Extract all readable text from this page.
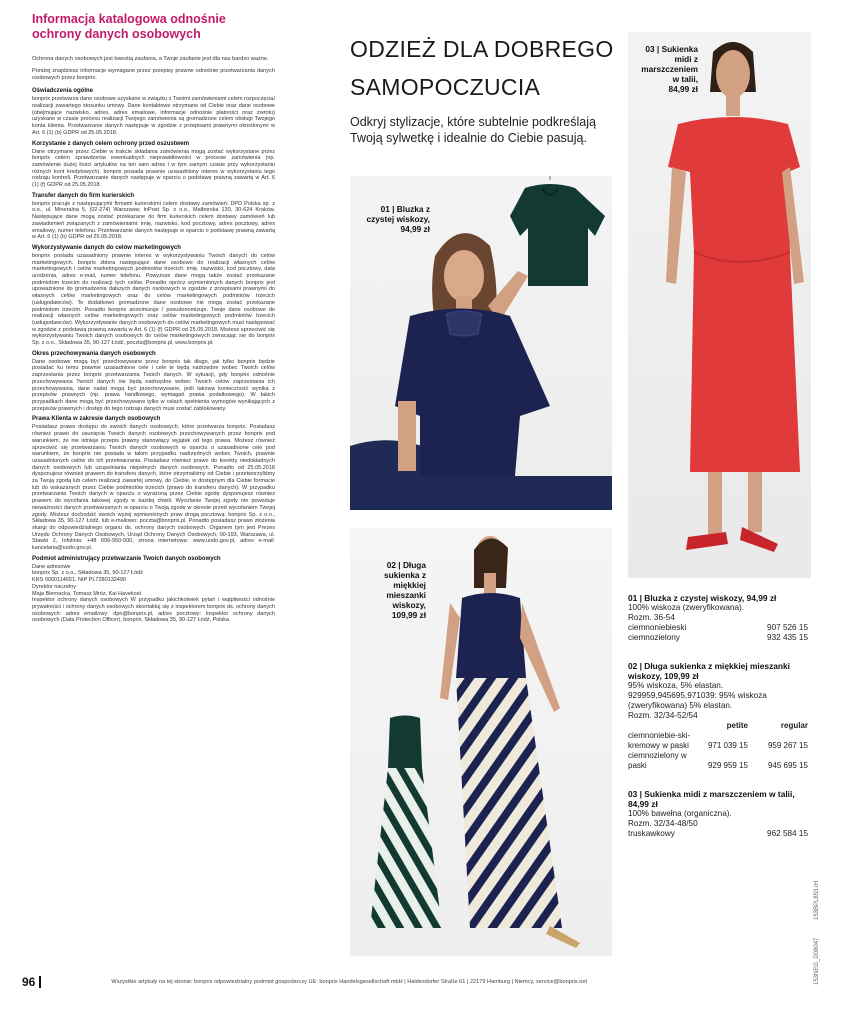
Informacja katalogowa odnośnie ochrony danych osobowych

Ochrona danych osobowych jest kwestią zaufania, a Twoje zaufanie jest dla nas bardzo ważne.

Poniżej znajdziesz informacje wymagane przez przepisy prawne odnośnie przetwarzania danych osobowych przez bonprix.

Oświadczenia ogólne
bonprix przetwarza dane osobowe uzyskane w związku z Twoimi zamówieniami celem rozpoczęcia/ realizacji zawartego stosunku umowy. Dane kontaktowe otrzymane od Ciebie oraz dane osobowe (obejmujące nazwisko, adres, adres emailowe, informacje odnośnie płatności oraz zwrotu) uzyskane w czasie procesu realizacji Twojego zamówienia są gromadzone celem obsługi Twojego konta klienta. Przetwarzanie danych następuje w zgodzie z przepisami prawnymi określonymi w Art. 6 (1) (b) GDPR od 25.05.2018.
Korzystanie z danych celem ochrony przed oszustwem
Dane otrzymane przez Ciebie w trakcie składania zamówienia mogą zostać wykorzystane przez bonprix celem sprawdzenia ewentualnych nieprawidłowości w procesie zamówienia (np. zamówienie dużej ilości artykułów na ten sam adres i w tym samym czasie przy wykorzystaniu różnych kont kredytowych). bonprix posiada prawnie uzasadniony interes w wykorzystaniu tego rodzaju kontroli. Przetwarzanie danych następuje w oparciu o podstawę prawną zawartą w Art. 6 (1) (f) GDPR od 25.05.2018.
Transfer danych do firm kurierskich
bonprix pracuje z następującymi firmami kurierskimi celem dostawy zamówień: DPD Polska sp. z o.o., ul. Mineralna 5, (02-274) Warszawa; InPost Sp. z o.o., Malborska 130, 30-624 Kraków. Następujące dane mogą zostać przekazane do firm kurierskich celem dostawy zamówień lub zawiadomień związanych z zamówieniami: imię, nazwisko, kod pocztowy, adres pocztowy, adres emailowy, numer telefonu. Przetwarzanie danych następuje w oparciu o podstawę prawną zawartą w Art. 6 (1) (b) GDPR od 25.05.2018.
Wykorzystywanie danych do celów marketingowych
bonprix posiada uzasadniony prawnie interes w wykorzystywaniu Twoich danych do celów marketingowych. bonprix zbiera następujące dane osobowe do realizacji własnych celów marketingowych i celów marketingowych podmiotów trzecich: imię, nazwisko, kod pocztowy, data urodzenia, adres e-mail, numer telefonu. Powyższe dane mogą także zostać przekazane podmiotom trzecim do realizacji tych celów. Ponadto oprócz wymienionych danych bonprix jest upoważnione do gromadzenia dalszych danych osobowych w zgodzie z przepisami prawnymi do własnych celów marketingowych oraz do celów marketingowych podmiotów trzecich (usługodawców). Te dodatkowo gromadzone dane osobowe nie mogą zostać przekazane podmiotom trzecim. Ponadto bonprix anonimizuje / pseudonomizuje. Twoje dane osobowe do realizacji własnych celów marketingowych oraz celów marketingowych podmiotów trzecich (usługodawców). Wykorzystywanie danych osobowych do celów marketingowych musi następować w zgodzie z podstawą prawną zawartą w Art. 6 (1) (f) GDPR od 25.05.2018. Możesz sprzeciwić się wykorzystywaniu Twoich danych osobowych do celów marketingowych zwracając się do bonprix Sp. z o.o., Składowa 35, 90-127 Łódź, poczta@bonprix.pl, www.bonprix.pl.
Okres przechowywania danych osobowych
Dane osobowe mogą być przechowywane przez bonprix tak długo, jak tylko bonprix będzie posiadać ku temu prawnie uzasadnione cele i cele te będą nadrzędne wobec Twoich celów zaprzestania przez bonprix przetwarzania Twoich danych. W sytuacji, gdy bonprix odnośnie przechowywania Twoich danych nie będą nadrzędne wobec Twoich celów zaprzestania ich przechowywania, dane nadal mogą być przechowywane, jeśli takowa konieczność wynika z przepisów prawnych (np. prawa handlowego, wymagań prawa podatkowego). W takich przypadkach dane mogą być przechowywane tylko w celach spełnienia wymogów wynikających z przepisów prawnych i dostęp do tego rodzaju danych musi zostać zablokowany.
Prawa Klienta w zakresie danych osobowych
Posiadasz prawo dostępu do swoich danych osobowych, które przetwarza bonprix. Posiadasz również prawo do usunięcia Twoich danych osobowych przechowywanych przez bonprix pod warunkiem, że nie istnieje przepis prawny stanowiący wyjątek od tego prawa. Możesz również sprzeciwić się przetwarzaniu Twoich danych osobowych w oparciu o uzasadnione cele pod warunkiem, że bonprix nie posiada w takim przypadku nadrzędnych wobec Twoich, prawnie uzasadnionych celów do ich przetwarzania. Posiadasz również prawo do korekty niedokładnych danych osobowych lub uzupełniania niepełnych danych osobowych. Ponadto od 25.05.2018 dysponujesz również prawem do transferu danych, które otrzymaliśmy od Ciebie i przetworzyliśmy za Twoją zgodą lub celem realizacji zawartej umowy, do Ciebie, w dostępnym dla Ciebie formacie lub do wskazanych przez Ciebie podmiotów trzecich (prawo do transferu danych). W przypadku przetwarzania Twoich danych w oparciu o wyrażoną przez Ciebie zgodę dysponujesz również prawem do wycofania takowej zgody w każdej chwili. Wycofanie Twojej zgody nie powoduje nieważności danych przetwarzanych w oparciu o Twoją zgodę w okresie przed wycofaniem Twojej zgody. Możesz dochodzić swoich wyżej wymienionych praw drogą pocztową: bonprix Sp. z o.o., Składowa 35, 90-127 Łódź, lub e-mailowo: poczta@bonprix.pl. Ponadto posiadasz prawo złożenia skargi do odpowiedzialnego organu ds. ochrony danych osobowych. Organem tym jest Prezes Urzędu Ochrony Danych Osobowych, Urząd Ochrony Danych Osobowych, 00-193, Warszawa, ul. Stawki 2, Infolinia: +48 606-950-000, strona internetowa: www.uodo.gov.pl, adres e-mail: kancelaria@uodo.gov.pl.
Podmiot administrujący przetwarzanie Twoich danych osobowych
Dane adresowe
bonprix Sp. z o.o., Składowa 35, 90-127 Łódź
KRS 0000114651, NIP PL7280132490
Dyrektor naczelny
Maja Biernacka, Tomasz Mróz, Kai Havekost
Inspektor ochrony danych osobowych W przypadku jakichkolwiek pytań i wątpliwości odnośnie prywatności i ochrony danych osobowych skontaktuj się z inspektorem bonprix ds. ochrony danych osobowych: adres emailowy: dpo@bonprix.pl, adres pocztowy: Inspektor ochrony danych osobowych (Data Protection Officer), bonprix, Składowa 35, 90-127 Łódź, Polska.
ODZIEŻ DLA DOBREGO
SAMOPOCZUCIA

Odkryj stylizacje, które subtelnie podkreślają Twoją sylwetkę i idealnie do Ciebie pasują.

01 | Bluzka z czystej wiskozy,
94,99 zł
02 | Długa sukienka z miękkiej mieszanki wiskozy,
109,99 zł
03 | Sukienka midi z marszczeniem w talii,
84,99 zł
01 | Bluzka z czystej wiskozy, 94,99 zł
100% wiskoza (zweryfikowana).
Rozm. 36-54
ciemnoniebieski	907 526 15
ciemnozielony	932 435 15
02 | Długa sukienka z miękkiej mieszanki wiskozy, 109,99 zł
95% wiskoza, 5% elastan.
929959,945695,971039: 95% wiskoza (zweryfikowana) 5% elastan.
Rozm. 32/34-52/54
petite	regular
ciemnoniebie-ski-kremowy w paski	971 039 15	959 267 15
ciemnozielony w paski	929 959 15	945 695 15
03 | Sukienka midi z marszczeniem w talii, 84,99 zł
100% bawełna (organiczna).
Rozm. 32/34-48/50
truskawkowy	962 584 15
153BPL853.IH
153NEG_D08047
96	Wszystkie artykuły na tej stronie: bonprix odpowiedzialny podmiot gospodarczy UE: bonprix Handelsgesellschaft mbH | Haldesdorfer Straße 61 | 22179 Hamburg | Niemcy, service@bonprix.net
